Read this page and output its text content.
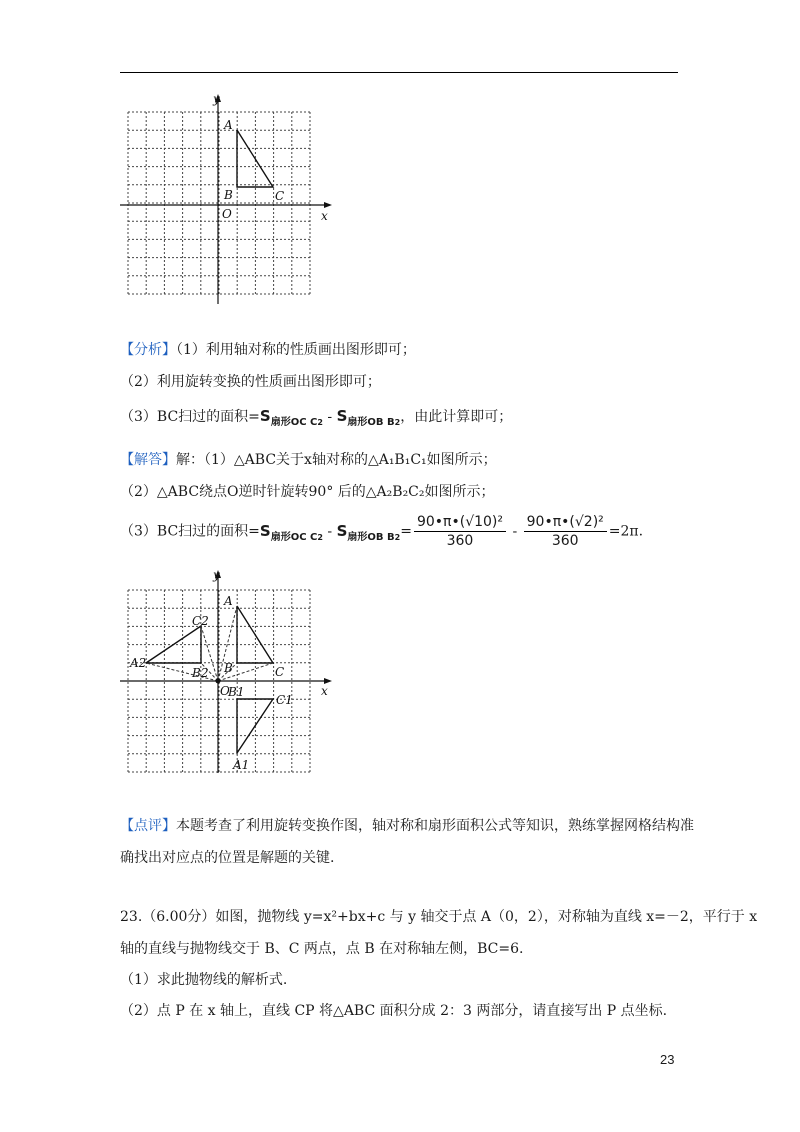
y
x
O
A
B	C
【分析】（1）利用轴对称的性质画出图形即可；
（2）利用旋转变换的性质画出图形即可；
（3）BC扫过的面积$=S_{扇形OC C2} - S_{扇形OB B2}$，由此计算即可；
【解答】解：（1）△ABC关于x轴对称的△A₁B₁C₁如图所示；
（2）△ABC绕点O逆时针旋转90° 后的△A₂B₂C₂如图所示；
（3）BC扫过的面积$=S_{扇形OC C2} - S_{扇形OB B2}= \frac{\text{90•π•(√10)²}}{360} - \frac{\text{90•π•(√2)²}}{360} =2\pi$.
y
x
O
A
B	C
A1
B1
C1
A2
B2
C2
【点评】本题考查了利用旋转变换作图，轴对称和扇形面积公式等知识，熟练掌握网格结构准
确找出对应点的位置是解题的关键.
23.（6.00分）如图，抛物线 y=x²+bx+c 与 y 轴交于点 A（0，2），对称轴为直线 x=－2，平行于 x
轴的直线与抛物线交于 B、C 两点，点 B 在对称轴左侧，BC=6.
（1）求此抛物线的解析式.
（2）点 P 在 x 轴上，直线 CP 将△ABC 面积分成 2：3 两部分，请直接写出 P 点坐标.
23
